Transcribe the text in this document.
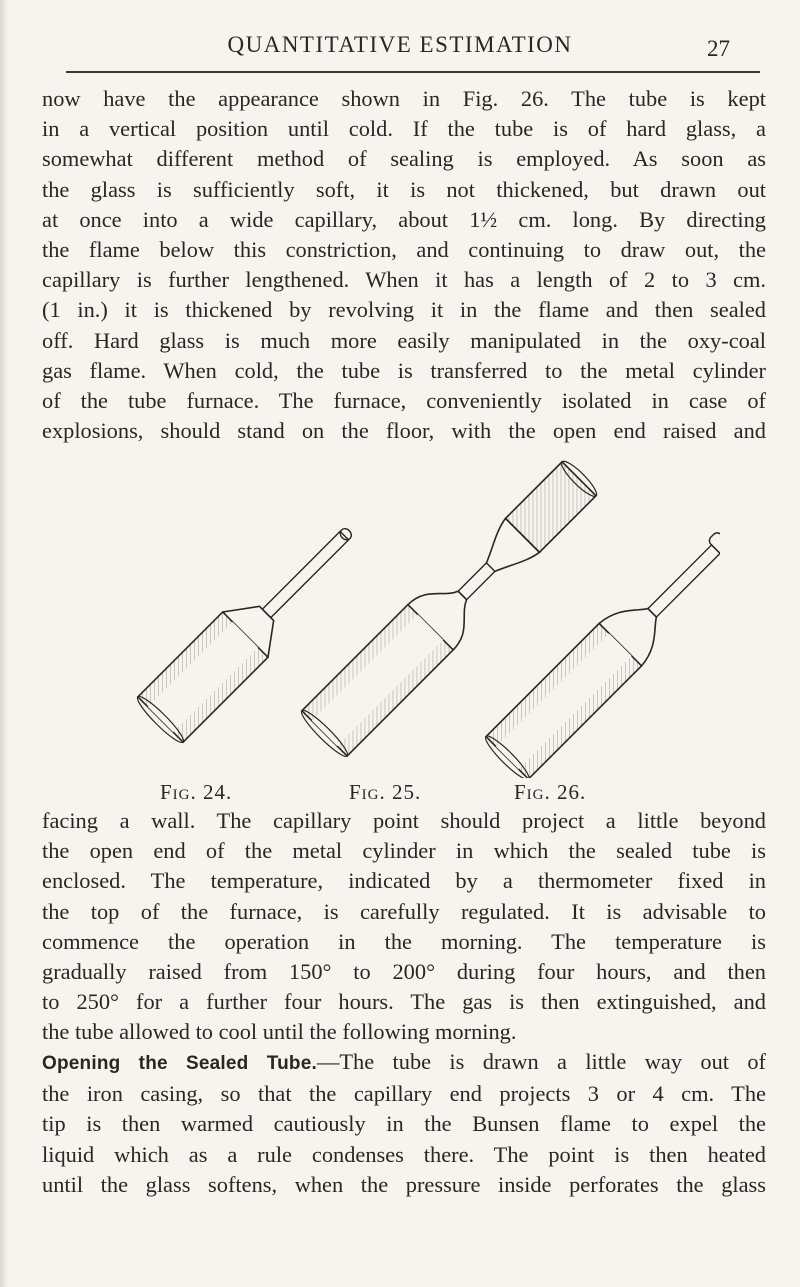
QUANTITATIVE ESTIMATION	27

now have the appearance shown in Fig. 26. The tube is kept
in a vertical position until cold. If the tube is of hard glass, a
somewhat different method of sealing is employed. As soon as
the glass is sufficiently soft, it is not thickened, but drawn out
at once into a wide capillary, about 1½ cm. long. By directing
the flame below this constriction, and continuing to draw out, the
capillary is further lengthened. When it has a length of 2 to 3 cm.
(1 in.) it is thickened by revolving it in the flame and then sealed
off. Hard glass is much more easily manipulated in the oxy-coal
gas flame. When cold, the tube is transferred to the metal cylinder
of the tube furnace. The furnace, conveniently isolated in case of
explosions, should stand on the floor, with the open end raised and

Fig. 24.	Fig. 25.	Fig. 26.

facing a wall. The capillary point should project a little beyond
the open end of the metal cylinder in which the sealed tube is
enclosed. The temperature, indicated by a thermometer fixed in
the top of the furnace, is carefully regulated. It is advisable to
commence the operation in the morning. The temperature is
gradually raised from 150° to 200° during four hours, and then
to 250° for a further four hours. The gas is then extinguished, and
the tube allowed to cool until the following morning.

Opening the Sealed Tube.—The tube is drawn a little way out of
the iron casing, so that the capillary end projects 3 or 4 cm. The
tip is then warmed cautiously in the Bunsen flame to expel the
liquid which as a rule condenses there. The point is then heated
until the glass softens, when the pressure inside perforates the glass
